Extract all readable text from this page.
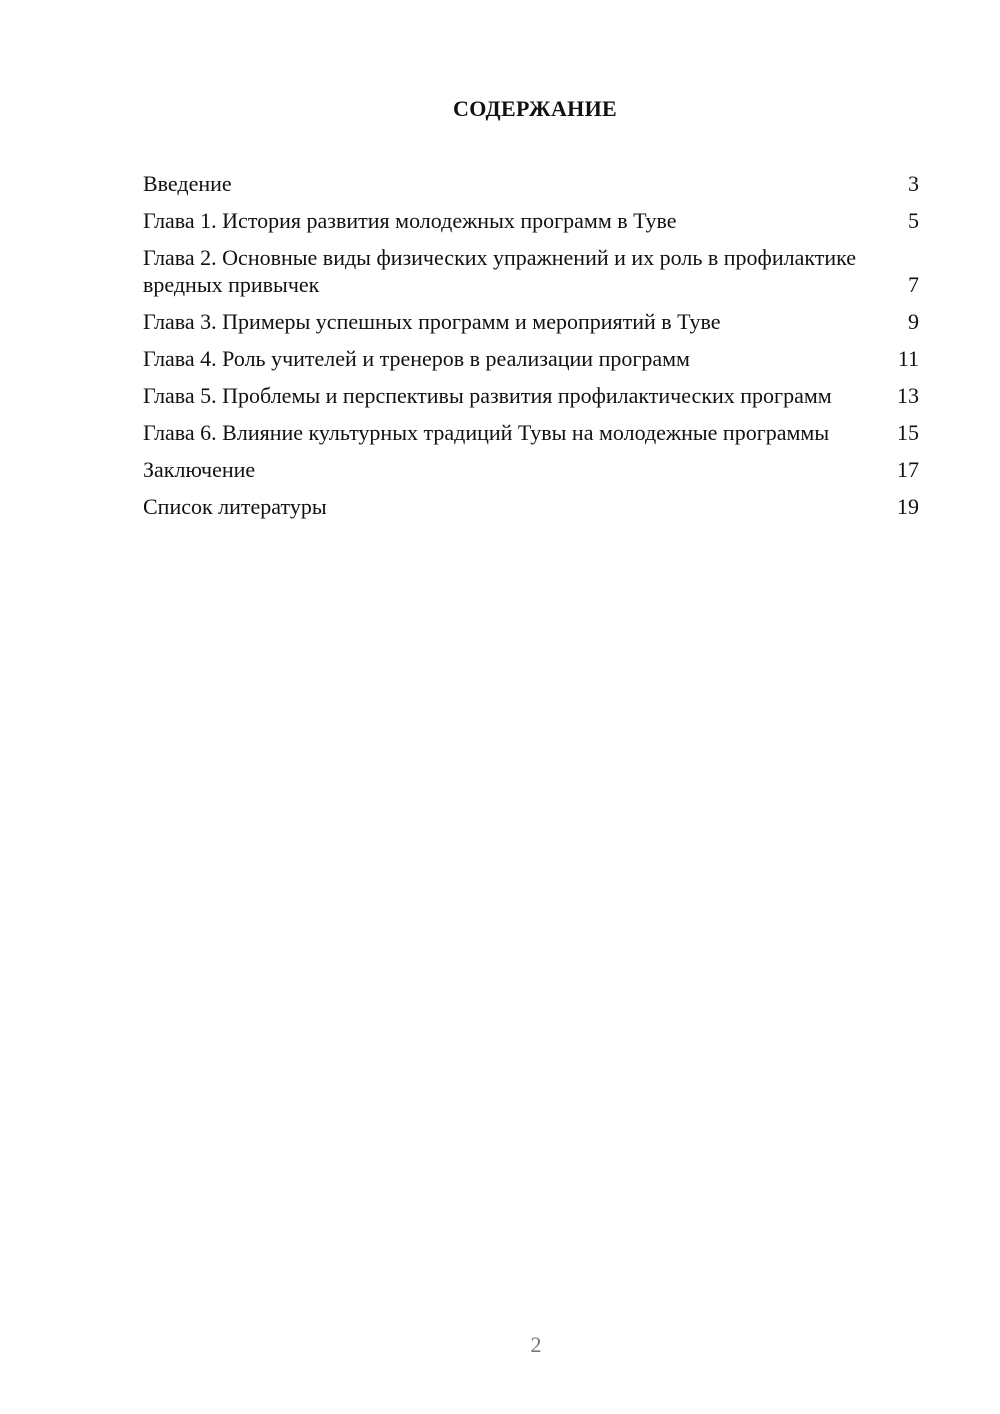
СОДЕРЖАНИЕ
Введение	3
Глава 1. История развития молодежных программ в Туве	5
Глава 2. Основные виды физических упражнений и их роль в профилактике вредных привычек	7
Глава 3. Примеры успешных программ и мероприятий в Туве	9
Глава 4. Роль учителей и тренеров в реализации программ	11
Глава 5. Проблемы и перспективы развития профилактических программ	13
Глава 6. Влияние культурных традиций Тувы на молодежные программы	15
Заключение	17
Список литературы	19
2
